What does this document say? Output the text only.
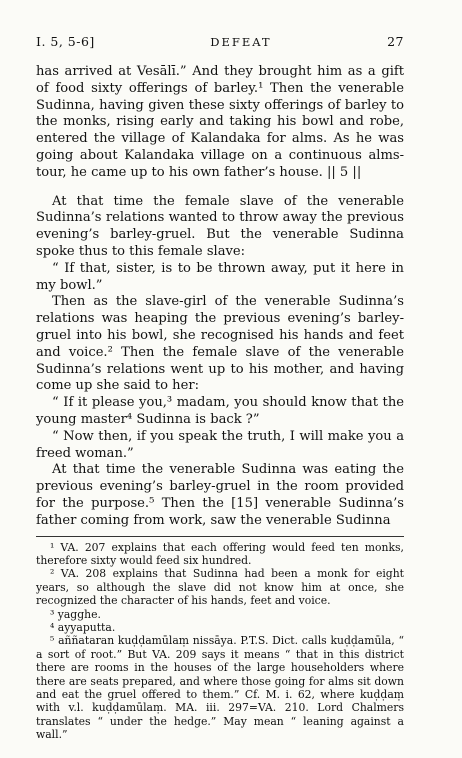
I. 5, 5-6]	DEFEAT	27

has arrived at Vesālī.” And they brought him as a gift of food sixty offerings of barley.¹ Then the venerable Sudinna, having given these sixty offerings of barley to the monks, rising early and taking his bowl and robe, entered the village of Kalandaka for alms. As he was going about Kalandaka village on a continuous alms-tour, he came up to his own father’s house. || 5 ||

At that time the female slave of the venerable Sudinna’s relations wanted to throw away the previous evening’s barley-gruel. But the venerable Sudinna spoke thus to this female slave:

“ If that, sister, is to be thrown away, put it here in my bowl.”

Then as the slave-girl of the venerable Sudinna’s relations was heaping the previous evening’s barley-gruel into his bowl, she recognised his hands and feet and voice.² Then the female slave of the venerable Sudinna’s relations went up to his mother, and having come up she said to her:

“ If it please you,³ madam, you should know that the young master⁴ Sudinna is back ?”

“ Now then, if you speak the truth, I will make you a freed woman.”

At that time the venerable Sudinna was eating the previous evening’s barley-gruel in the room provided for the purpose.⁵ Then the [15] venerable Sudinna’s father coming from work, saw the venerable Sudinna

¹ VA. 207 explains that each offering would feed ten monks, therefore sixty would feed six hundred.

² VA. 208 explains that Sudinna had been a monk for eight years, so although the slave did not know him at once, she recognized the character of his hands, feet and voice.

³ yagghe.

⁴ ayyaputta.

⁵ aññataran kuḍḍamūlaṃ nissāya. P.T.S. Dict. calls kuḍḍamūla, “ a sort of root.” But VA. 209 says it means “ that in this district there are rooms in the houses of the large householders where there are seats prepared, and where those going for alms sit down and eat the gruel offered to them.” Cf. M. i. 62, where kuḍḍaṃ with v.l. kuḍḍamūlaṃ. MA. iii. 297=VA. 210. Lord Chalmers translates “ under the hedge.” May mean “ leaning against a wall.”
